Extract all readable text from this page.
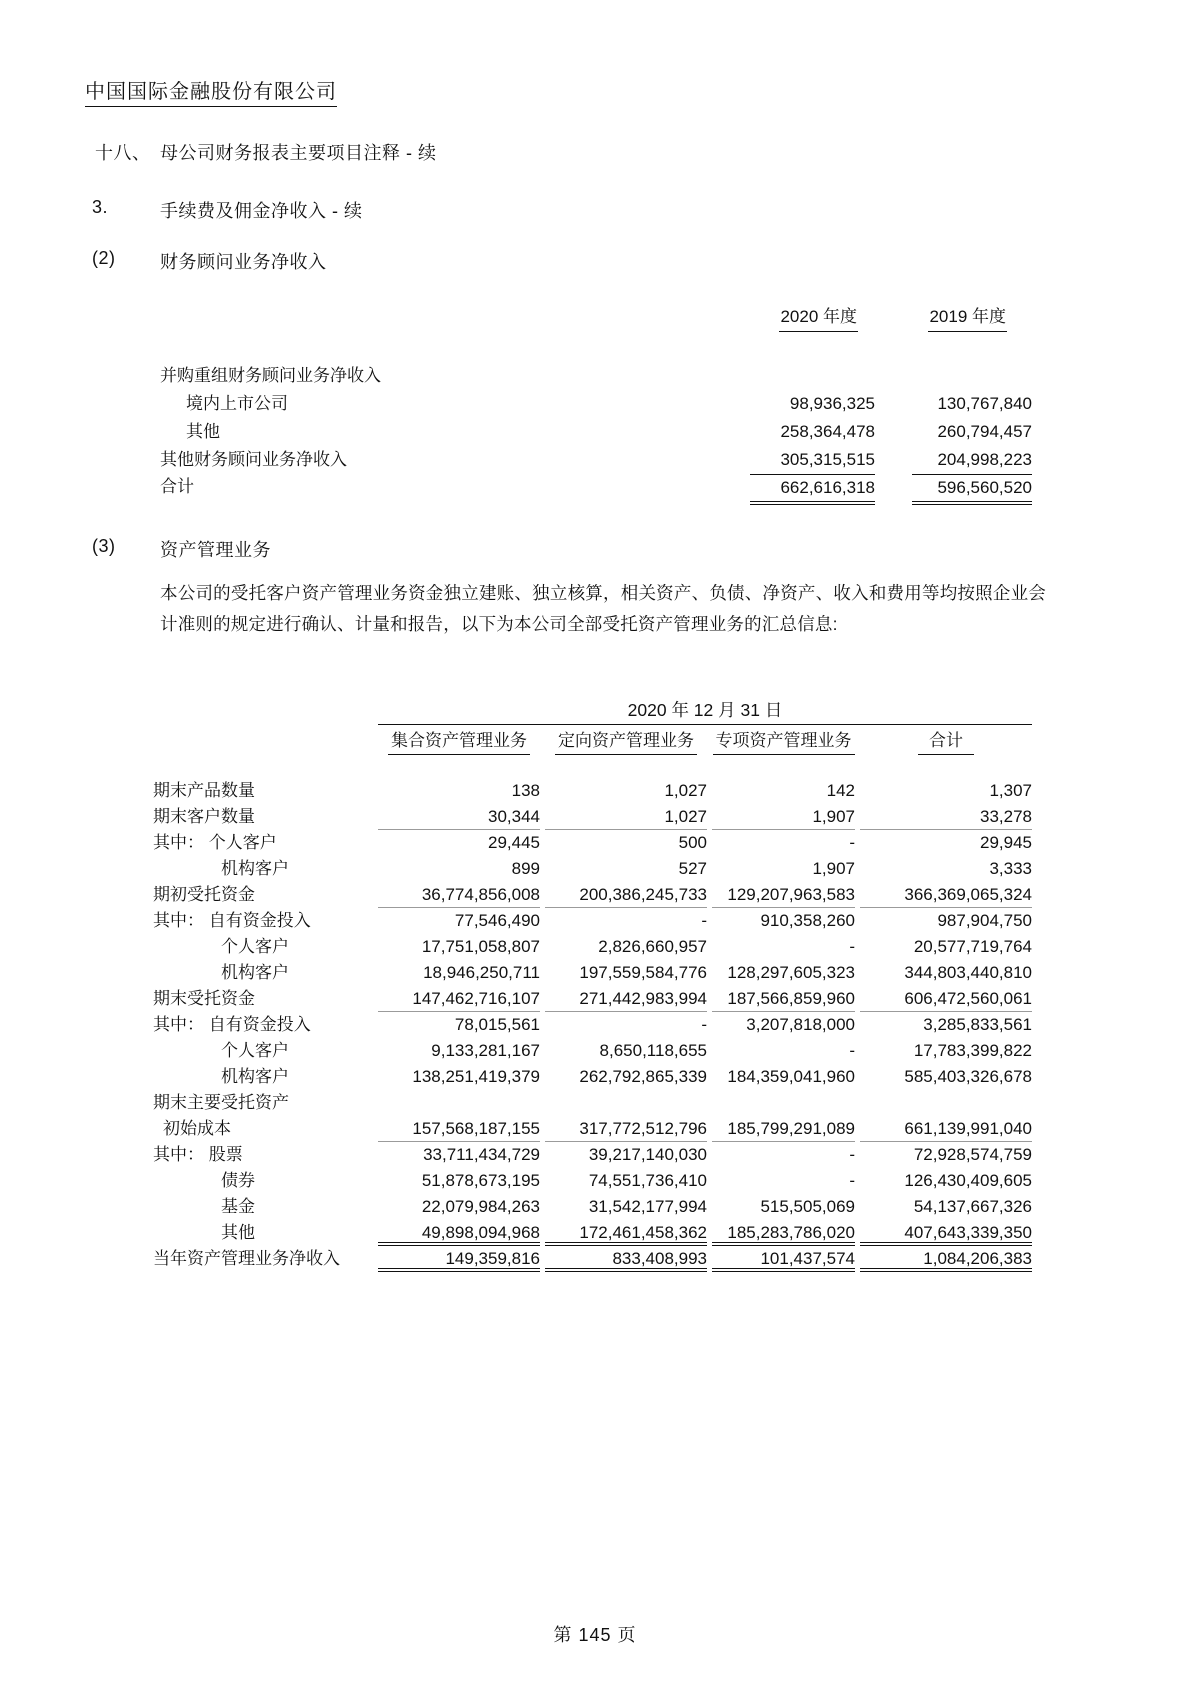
中国国际金融股份有限公司
十八、 母公司财务报表主要项目注释 - 续
3.	手续费及佣金净收入 - 续
(2)	财务顾问业务净收入
2020 年度	2019 年度
并购重组财务顾问业务净收入
境内上市公司	98,936,325	130,767,840
其他	258,364,478	260,794,457
其他财务顾问业务净收入	305,315,515	204,998,223
合计	662,616,318	596,560,520
(3)	资产管理业务
本公司的受托客户资产管理业务资金独立建账、独立核算，相关资产、负债、净资产、收入和费用等均按照企业会计准则的规定进行确认、计量和报告，以下为本公司全部受托资产管理业务的汇总信息:
2020 年 12 月 31 日
集合资产管理业务	定向资产管理业务	专项资产管理业务	合计
期末产品数量	138	1,027	142	1,307
期末客户数量	30,344	1,027	1,907	33,278
其中： 个人客户	29,445	500	-	29,945
机构客户	899	527	1,907	3,333
期初受托资金	36,774,856,008	200,386,245,733	129,207,963,583	366,369,065,324
其中： 自有资金投入	77,546,490	-	910,358,260	987,904,750
个人客户	17,751,058,807	2,826,660,957	-	20,577,719,764
机构客户	18,946,250,711	197,559,584,776	128,297,605,323	344,803,440,810
期末受托资金	147,462,716,107	271,442,983,994	187,566,859,960	606,472,560,061
其中： 自有资金投入	78,015,561	-	3,207,818,000	3,285,833,561
个人客户	9,133,281,167	8,650,118,655	-	17,783,399,822
机构客户	138,251,419,379	262,792,865,339	184,359,041,960	585,403,326,678
期末主要受托资产
初始成本	157,568,187,155	317,772,512,796	185,799,291,089	661,139,991,040
其中： 股票	33,711,434,729	39,217,140,030	-	72,928,574,759
债券	51,878,673,195	74,551,736,410	-	126,430,409,605
基金	22,079,984,263	31,542,177,994	515,505,069	54,137,667,326
其他	49,898,094,968	172,461,458,362	185,283,786,020	407,643,339,350
当年资产管理业务净收入	149,359,816	833,408,993	101,437,574	1,084,206,383
第 145 页
